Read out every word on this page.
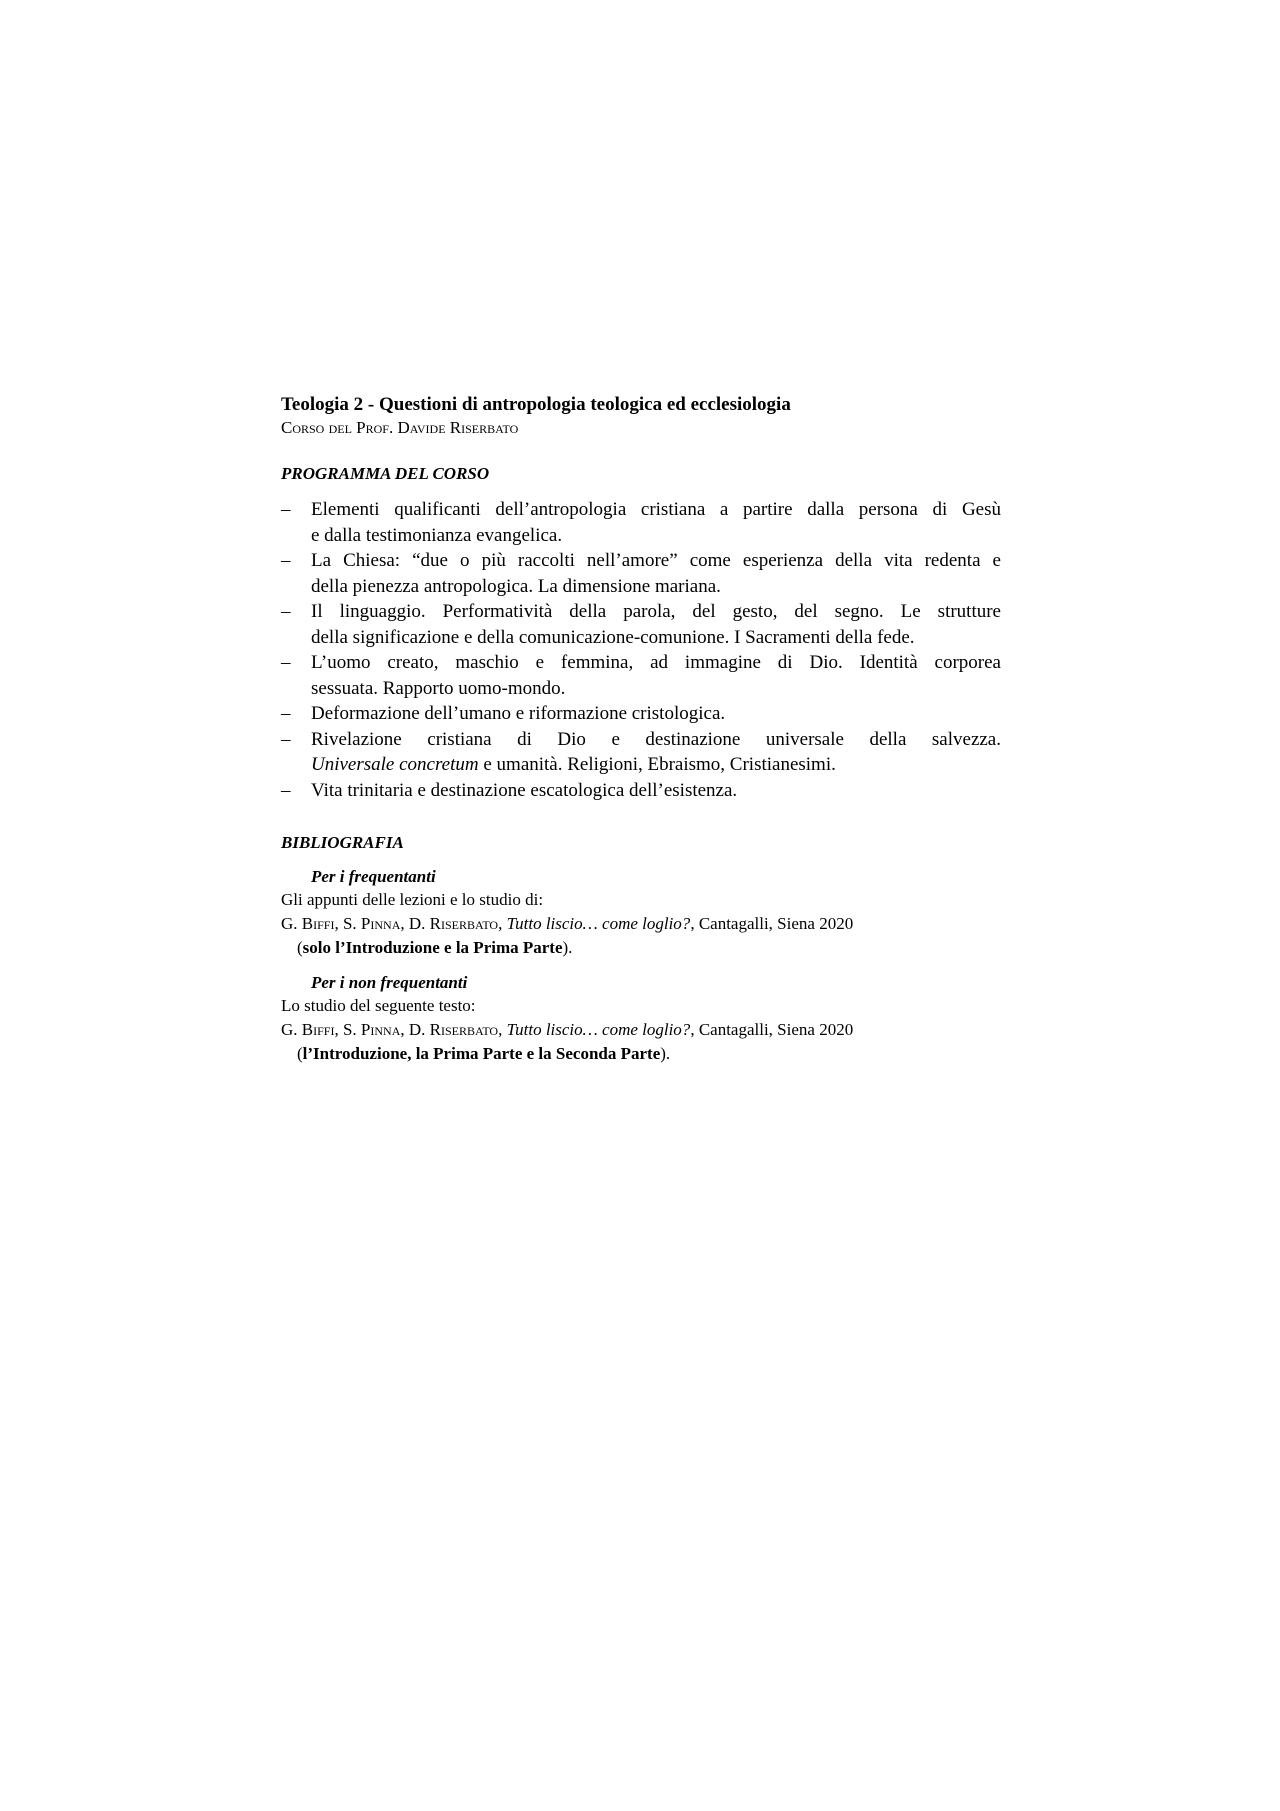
Teologia 2 - Questioni di antropologia teologica ed ecclesiologia

Corso del Prof. Davide Riserbato

PROGRAMMA DEL CORSO

– Elementi qualificanti dell’antropologia cristiana a partire dalla persona di Gesù
e dalla testimonianza evangelica.
– La Chiesa: “due o più raccolti nell’amore” come esperienza della vita redenta e
della pienezza antropologica. La dimensione mariana.
– Il linguaggio. Performatività della parola, del gesto, del segno. Le strutture
della significazione e della comunicazione-comunione. I Sacramenti della fede.
– L’uomo creato, maschio e femmina, ad immagine di Dio. Identità corporea
sessuata. Rapporto uomo-mondo.
– Deformazione dell’umano e riformazione cristologica.
– Rivelazione cristiana di Dio e destinazione universale della salvezza.
Universale concretum e umanità. Religioni, Ebraismo, Cristianesimi.
– Vita trinitaria e destinazione escatologica dell’esistenza.

BIBLIOGRAFIA

Per i frequentanti

Gli appunti delle lezioni e lo studio di:

G. Biffi, S. Pinna, D. Riserbato, Tutto liscio… come loglio?, Cantagalli, Siena 2020

(solo l’Introduzione e la Prima Parte).

Per i non frequentanti

Lo studio del seguente testo:

G. Biffi, S. Pinna, D. Riserbato, Tutto liscio… come loglio?, Cantagalli, Siena 2020

(l’Introduzione, la Prima Parte e la Seconda Parte).
